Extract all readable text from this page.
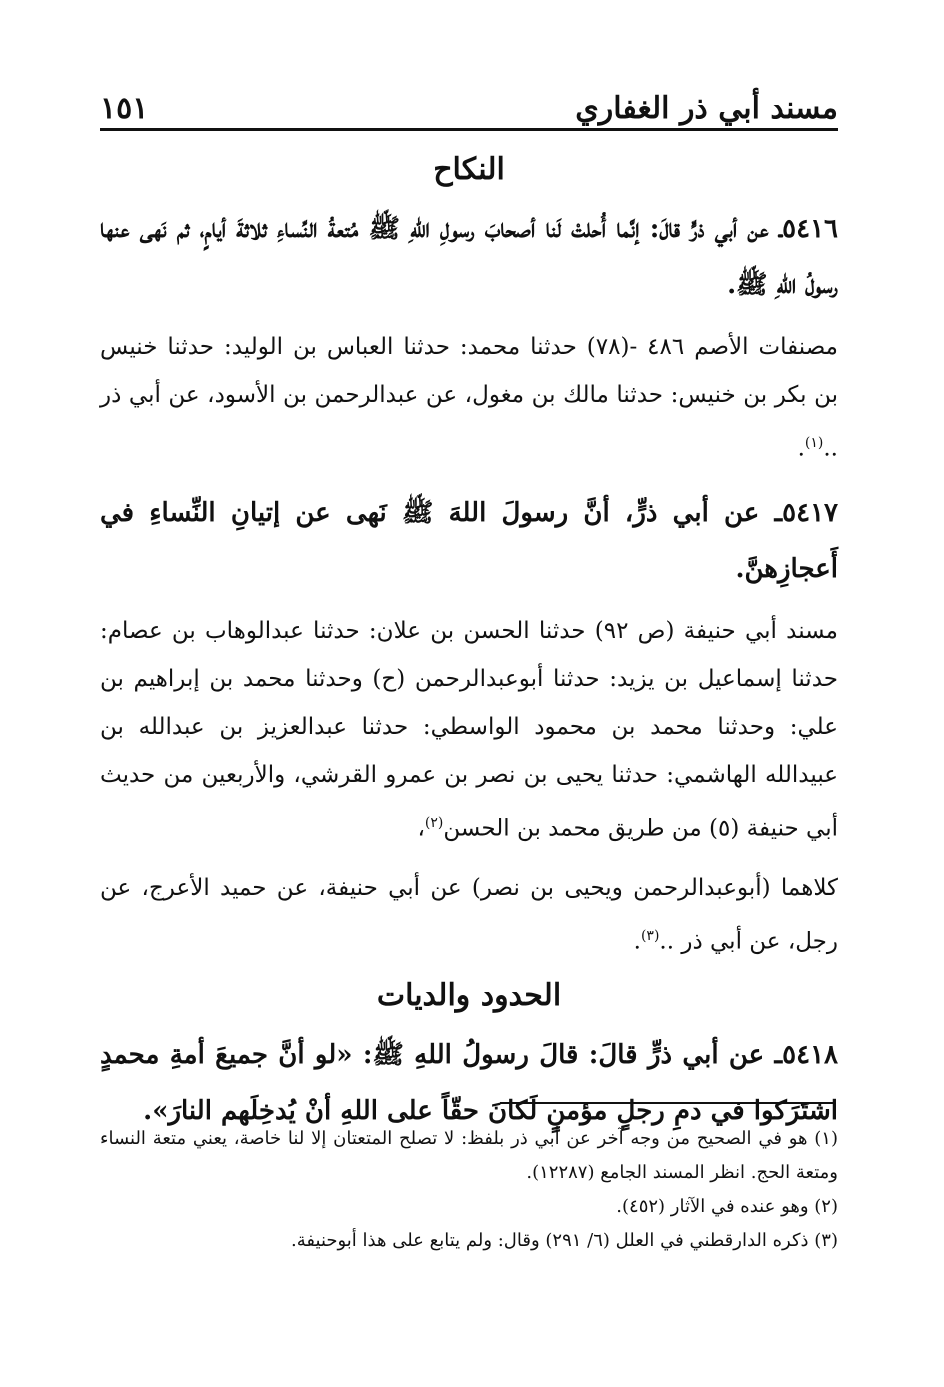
١٥١	مسند أبي ذر الغفاري
النكاح

٥٤١٦ـ عن أبي ذرٍّ قالَ: إنَّما أُحلتْ لَنا أصحابَ رسولِ اللهِ ﷺ مُتعةُ النِّساءِ ثلاثةَ أيامٍ، ثم نَهى عنها رسولُ اللهِ ﷺ.

مصنفات الأصم ٤٨٦ -(٧٨) حدثنا محمد: حدثنا العباس بن الوليد: حدثنا خنيس بن بكر بن خنيس: حدثنا مالك بن مغول، عن عبدالرحمن بن الأسود، عن أبي ذر ..$^{(١)}$.

٥٤١٧ـ عن أبي ذرٍّ، أنَّ رسولَ اللهَ ﷺ نَهى عن إتيانِ النِّساءِ في أَعجازِهنَّ.

مسند أبي حنيفة (ص ٩٢) حدثنا الحسن بن علان: حدثنا عبدالوهاب بن عصام: حدثنا إسماعيل بن يزيد: حدثنا أبوعبدالرحمن (ح) وحدثنا محمد بن إبراهيم بن علي: وحدثنا محمد بن محمود الواسطي: حدثنا عبدالعزيز بن عبدالله بن عبيدالله الهاشمي: حدثنا يحيى بن نصر بن عمرو القرشي، والأربعين من حديث أبي حنيفة (٥) من طريق محمد بن الحسن$^{(٢)}$،

كلاهما (أبوعبدالرحمن ويحيى بن نصر) عن أبي حنيفة، عن حميد الأعرج، عن رجل، عن أبي ذر ..$^{(٣)}$.

الحدود والديات

٥٤١٨ـ عن أبي ذرٍّ قالَ: قالَ رسولُ اللهِ ﷺ: «لو أنَّ جميعَ أمةِ محمدٍ اشتَرَكوا في دمِ رجلٍ مؤمنٍ لَكانَ حقّاً على اللهِ أنْ يُدخِلَهم النارَ».

(١) هو في الصحيح من وجه آخر عن أبي ذر بلفظ: لا تصلح المتعتان إلا لنا خاصة، يعني متعة النساء ومتعة الحج. انظر المسند الجامع (١٢٢٨٧).

(٢) وهو عنده في الآثار (٤٥٢).

(٣) ذكره الدارقطني في العلل (٦/ ٢٩١) وقال: ولم يتابع على هذا أبوحنيفة.
